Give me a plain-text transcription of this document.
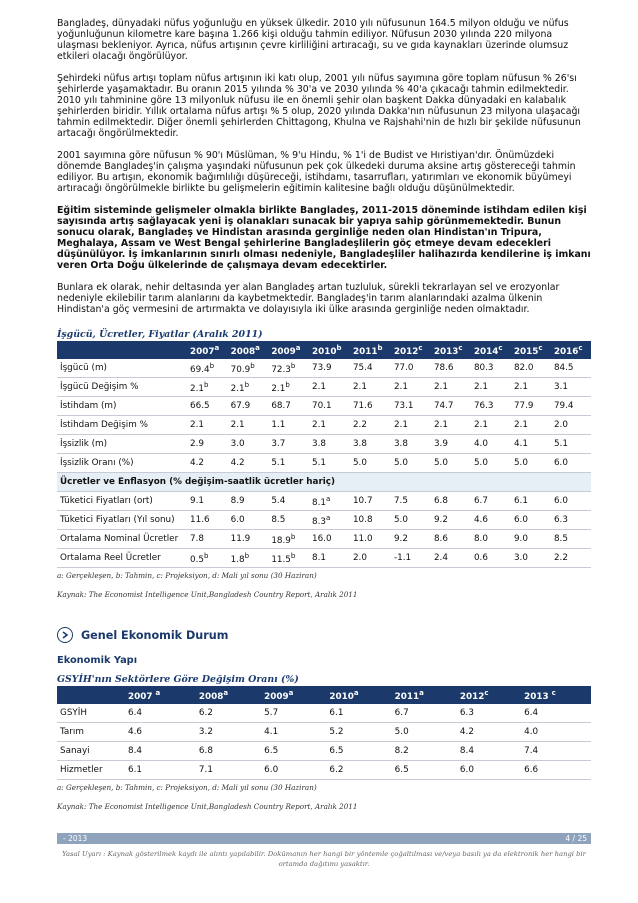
Bangladeş, dünyadaki nüfus yoğunluğu en yüksek ülkedir. 2010 yılı nüfusunun 164.5 milyon olduğu ve nüfus yoğunluğunun kilometre kare başına 1.266 kişi olduğu tahmin ediliyor. Nüfusun 2030 yılında 220 milyona ulaşması bekleniyor. Ayrıca, nüfus artışının çevre kirliliğini artıracağı, su ve gıda kaynakları üzerinde olumsuz etkileri olacağı öngörülüyor.

Şehirdeki nüfus artışı toplam nüfus artışının iki katı olup, 2001 yılı nüfus sayımına göre toplam nüfusun % 26'sı şehirlerde yaşamaktadır. Bu oranın 2015 yılında % 30'a ve 2030 yılında % 40'a çıkacağı tahmin edilmektedir. 2010 yılı tahminine göre 13 milyonluk nüfusu ile en önemli şehir olan başkent Dakka dünyadaki en kalabalık şehirlerden biridir. Yıllık ortalama nüfus artışı % 5 olup, 2020 yılında Dakka'nın nüfusunun 23 milyona ulaşacağı tahmin edilmektedir. Diğer önemli şehirlerden Chittagong, Khulna ve Rajshahi'nin de hızlı bir şekilde nüfusunun artacağı öngörülmektedir.

2001 sayımına göre nüfusun % 90'ı Müslüman, % 9'u Hindu, % 1'i de Budist ve Hıristiyan'dır. Önümüzdeki dönemde Bangladeş'in çalışma yaşındaki nüfusunun pek çok ülkedeki duruma aksine artış göstereceği tahmin ediliyor. Bu artışın, ekonomik bağımlılığı düşüreceği, istihdamı, tasarrufları, yatırımları ve ekonomik büyümeyi artıracağı öngörülmekle birlikte bu gelişmelerin eğitimin kalitesine bağlı olduğu düşünülmektedir.

Eğitim sisteminde gelişmeler olmakla birlikte Bangladeş, 2011-2015 döneminde istihdam edilen kişi sayısında artış sağlayacak yeni iş olanakları sunacak bir yapıya sahip görünmemektedir. Bunun sonucu olarak, Bangladeş ve Hindistan arasında gerginliğe neden olan Hindistan'ın Tripura, Meghalaya, Assam ve West Bengal şehirlerine Bangladeşlilerin göç etmeye devam edecekleri düşünülüyor. İş imkanlarının sınırlı olması nedeniyle, Bangladeşliler halihazırda kendilerine iş imkanı veren Orta Doğu ülkelerinde de çalışmaya devam edecektirler.

Bunlara ek olarak, nehir deltasında yer alan Bangladeş artan tuzluluk, sürekli tekrarlayan sel ve erozyonlar nedeniyle ekilebilir tarım alanlarını da kaybetmektedir. Bangladeş'in tarım alanlarındaki azalma ülkenin Hindistan'a göç vermesini de artırmakta ve dolayısıyla iki ülke arasında gerginliğe neden olmaktadır.

İşgücü, Ücretler, Fiyatlar (Aralık 2011)
	2007$^a$	2008$^a$	2009$^a$	2010$^b$	2011$^b$	2012$^c$	2013$^c$	2014$^c$	2015$^c$	2016$^c$
İşgücü (m)	69.4$^b$	70.9$^b$	72.3$^b$	73.9	75.4	77.0	78.6	80.3	82.0	84.5
İşgücü Değişim %	2.1$^b$	2.1$^b$	2.1$^b$	2.1	2.1	2.1	2.1	2.1	2.1	3.1
İstihdam (m)	66.5	67.9	68.7	70.1	71.6	73.1	74.7	76.3	77.9	79.4
İstihdam Değişim %	2.1	2.1	1.1	2.1	2.2	2.1	2.1	2.1	2.1	2.0
İşsizlik (m)	2.9	3.0	3.7	3.8	3.8	3.8	3.9	4.0	4.1	5.1
İşsizlik Oranı (%)	4.2	4.2	5.1	5.1	5.0	5.0	5.0	5.0	5.0	6.0
Ücretler ve Enflasyon (% değişim-saatlik ücretler hariç)										
Tüketici Fiyatları (ort)	9.1	8.9	5.4	8.1$^a$	10.7	7.5	6.8	6.7	6.1	6.0
Tüketici Fiyatları (Yıl sonu)	11.6	6.0	8.5	8.3$^a$	10.8	5.0	9.2	4.6	6.0	6.3
Ortalama Nominal Ücretler	7.8	11.9	18.9$^b$	16.0	11.0	9.2	8.6	8.0	9.0	8.5
Ortalama Reel Ücretler	0.5$^b$	1.8$^b$	11.5$^b$	8.1	2.0	-1.1	2.4	0.6	3.0	2.2
a: Gerçekleşen, b: Tahmin, c: Projeksiyon, d: Mali yıl sonu (30 Haziran)
Kaynak: The Economist Intelligence Unit,Bangladesh Country Report, Aralık 2011
Genel Ekonomik Durum
Ekonomik Yapı
GSYİH'nın Sektörlere Göre Değişim Oranı (%)
	2007 $^a$	2008$^a$	2009$^a$	2010$^a$	2011$^a$	2012$^c$	2013 $^c$
GSYİH	6.4	6.2	5.7	6.1	6.7	6.3	6.4
Tarım	4.6	3.2	4.1	5.2	5.0	4.2	4.0
Sanayi	8.4	6.8	6.5	6.5	8.2	8.4	7.4
Hizmetler	6.1	7.1	6.0	6.2	6.5	6.0	6.6
a: Gerçekleşen, b: Tahmin, c: Projeksiyon, d: Mali yıl sonu (30 Haziran)
Kaynak: The Economist Intelligence Unit,Bangladesh Country Report, Aralık 2011
- 2013	4 / 25
Yasal Uyarı : Kaynak gösterilmek kaydı ile alıntı yapılabilir. Dokümanın her hangi bir yöntemle çoğaltılması ve/veya basılı ya da elektronik her hangi bir ortamda dağıtımı yasaktır.
